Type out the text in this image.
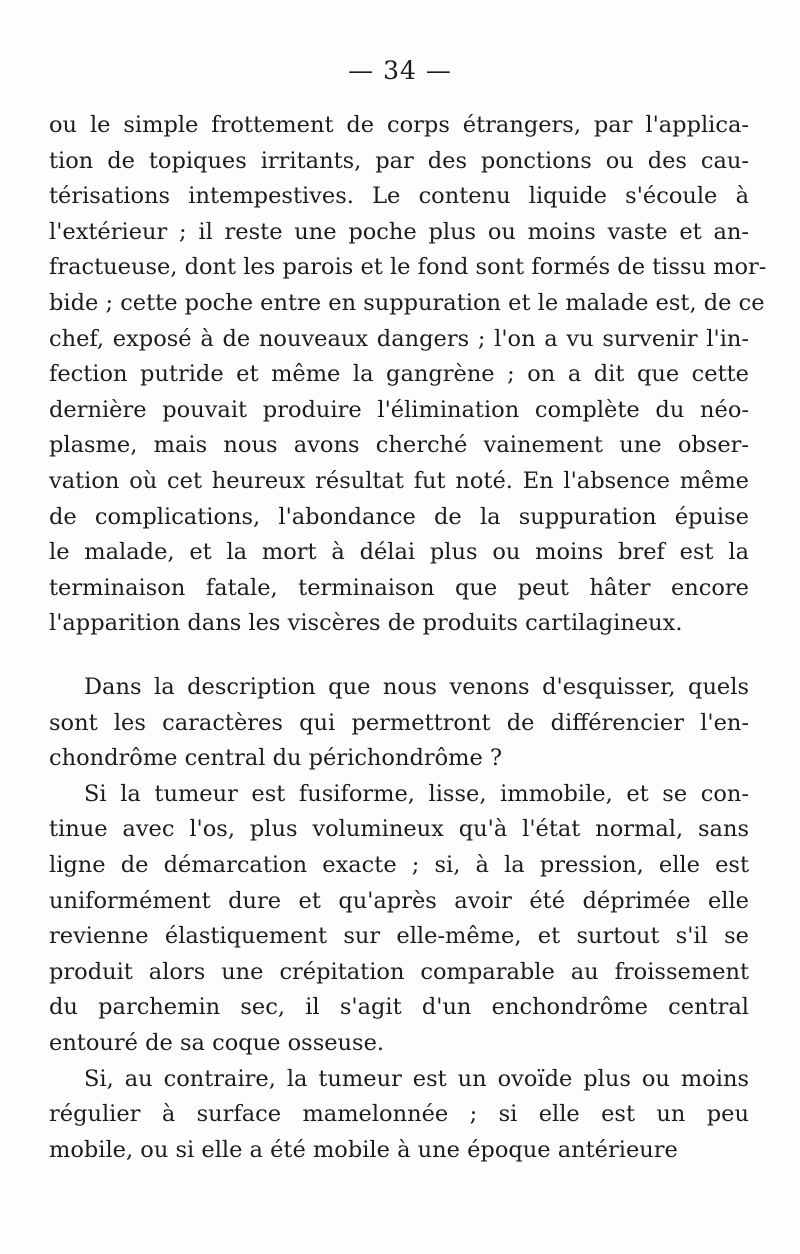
— 34 —
ou le simple frottement de corps étrangers, par l'applica-
tion de topiques irritants, par des ponctions ou des cau-
térisations intempestives. Le contenu liquide s'écoule à
l'extérieur ; il reste une poche plus ou moins vaste et an-
fractueuse, dont les parois et le fond sont formés de tissu mor-
bide ; cette poche entre en suppuration et le malade est, de ce
chef, exposé à de nouveaux dangers ; l'on a vu survenir l'in-
fection putride et même la gangrène ; on a dit que cette
dernière pouvait produire l'élimination complète du néo-
plasme, mais nous avons cherché vainement une obser-
vation où cet heureux résultat fut noté. En l'absence même
de complications, l'abondance de la suppuration épuise
le malade, et la mort à délai plus ou moins bref est la
terminaison fatale, terminaison que peut hâter encore
l'apparition dans les viscères de produits cartilagineux.
Dans la description que nous venons d'esquisser, quels
sont les caractères qui permettront de différencier l'en-
chondrôme central du périchondrôme ?
Si la tumeur est fusiforme, lisse, immobile, et se con-
tinue avec l'os, plus volumineux qu'à l'état normal, sans
ligne de démarcation exacte ; si, à la pression, elle est
uniformément dure et qu'après avoir été déprimée elle
revienne élastiquement sur elle-même, et surtout s'il se
produit alors une crépitation comparable au froissement
du parchemin sec, il s'agit d'un enchondrôme central
entouré de sa coque osseuse.
Si, au contraire, la tumeur est un ovoïde plus ou moins
régulier à surface mamelonnée ; si elle est un peu
mobile, ou si elle a été mobile à une époque antérieure
